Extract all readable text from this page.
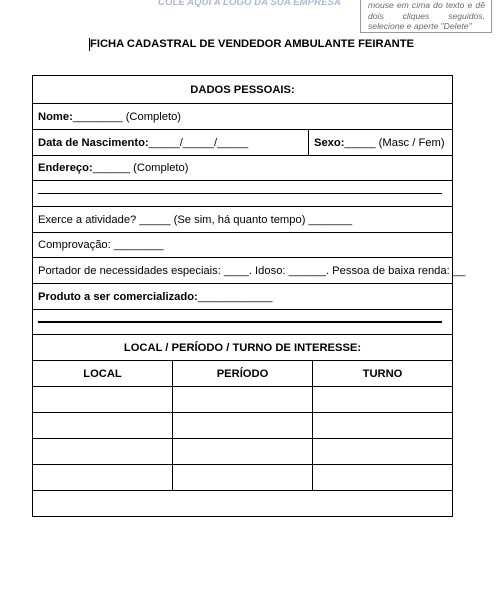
COLE AQUI A LOGO DA SUA EMPRESA	mouse em cima do texto e dê dois cliques seguidos, selecione e aperte "Delete"
FICHA CADASTRAL DE VENDEDOR AMBULANTE FEIRANTE
DADOS PESSOAIS:
Nome: ________ (Completo)
Data de Nascimento: _____/_____/_____	Sexo: _____ (Masc / Fem)
Endereço: ______ (Completo)
Exerce a atividade? _____ (Se sim, há quanto tempo) _______
Comprovação: ________
Portador de necessidades especiais: ____. Idoso: ______. Pessoa de baixa renda: __
Produto a ser comercializado: ____________
LOCAL / PERÍODO / TURNO DE INTERESSE:
LOCAL	PERÍODO	TURNO
